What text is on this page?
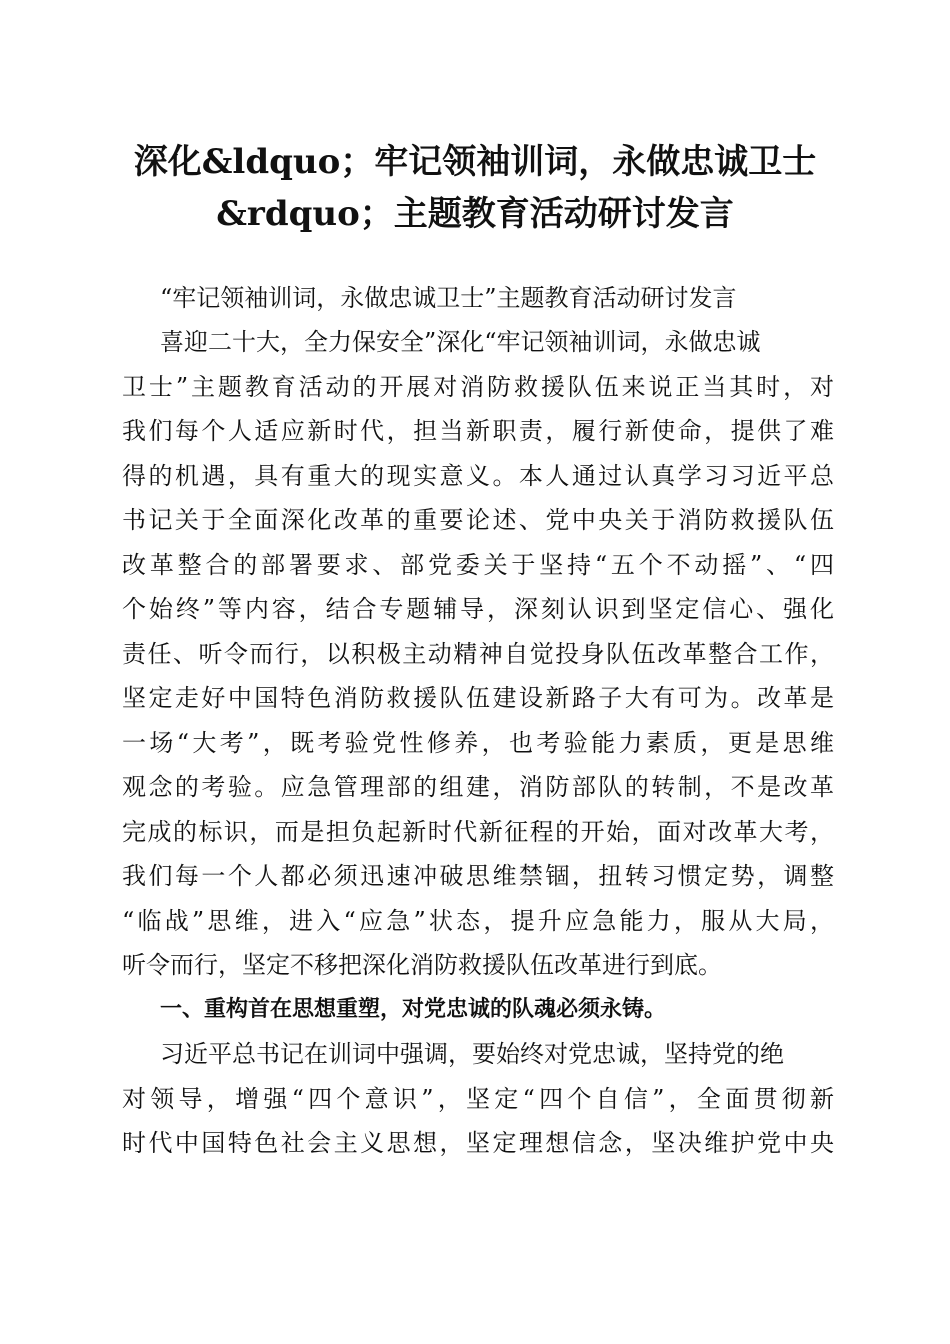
深化&ldquo；牢记领袖训词，永做忠诚卫士
&rdquo；主题教育活动研讨发言

“牢记领袖训词，永做忠诚卫士”主题教育活动研讨发言

喜迎二十大，全力保安全”深化“牢记领袖训词，永做忠诚

卫士”主题教育活动的开展对消防救援队伍来说正当其时，对

我们每个人适应新时代，担当新职责，履行新使命，提供了难

得的机遇，具有重大的现实意义。本人通过认真学习习近平总

书记关于全面深化改革的重要论述、党中央关于消防救援队伍

改革整合的部署要求、部党委关于坚持“五个不动摇”、“四

个始终”等内容，结合专题辅导，深刻认识到坚定信心、强化

责任、听令而行，以积极主动精神自觉投身队伍改革整合工作，

坚定走好中国特色消防救援队伍建设新路子大有可为。改革是

一场“大考”，既考验党性修养，也考验能力素质，更是思维

观念的考验。应急管理部的组建，消防部队的转制，不是改革

完成的标识，而是担负起新时代新征程的开始，面对改革大考，

我们每一个人都必须迅速冲破思维禁锢，扭转习惯定势，调整

“临战”思维，进入“应急”状态，提升应急能力，服从大局，

听令而行，坚定不移把深化消防救援队伍改革进行到底。

一、重构首在思想重塑，对党忠诚的队魂必须永铸。

习近平总书记在训词中强调，要始终对党忠诚，坚持党的绝

对领导，增强“四个意识”，坚定“四个自信”，全面贯彻新

时代中国特色社会主义思想，坚定理想信念，坚决维护党中央
